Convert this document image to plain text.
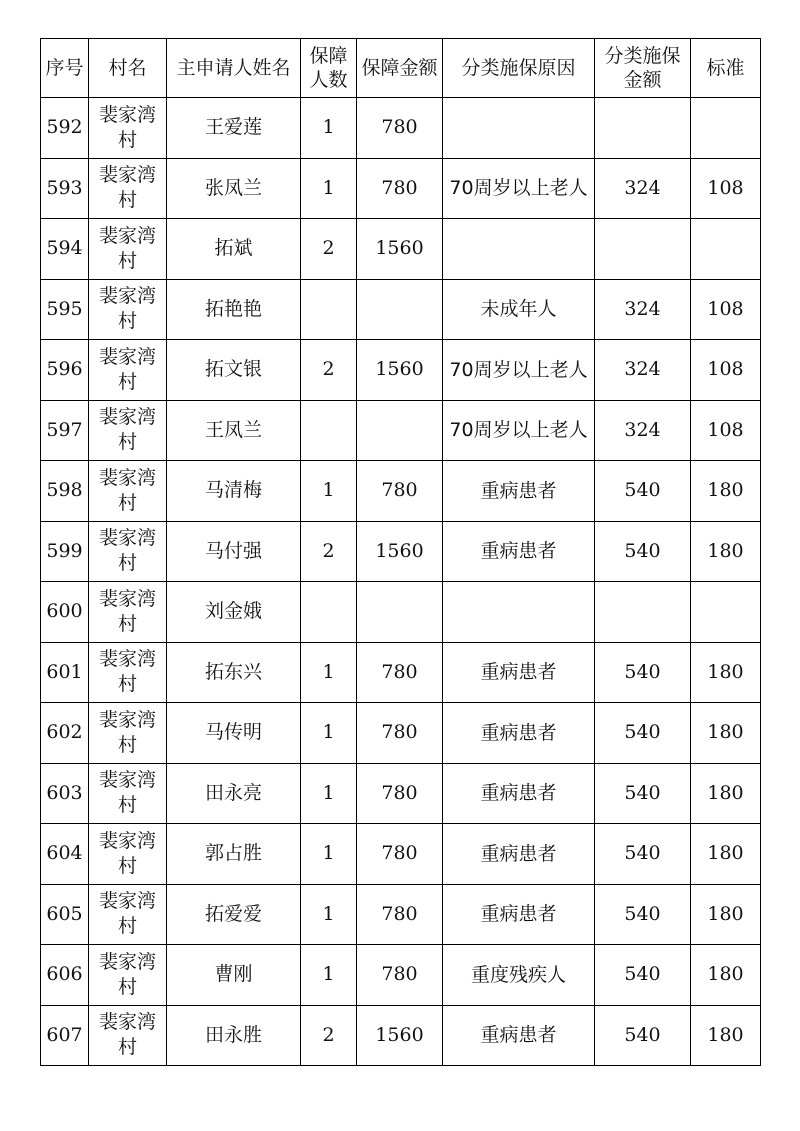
序号	村名	主申请人姓名	保障人数	保障金额	分类施保原因	分类施保金额	标准
592	裴家湾村	王爱莲	1	780			
593	裴家湾村	张凤兰	1	780	70周岁以上老人	324	108
594	裴家湾村	拓斌	2	1560			
595	裴家湾村	拓艳艳			未成年人	324	108
596	裴家湾村	拓文银	2	1560	70周岁以上老人	324	108
597	裴家湾村	王凤兰			70周岁以上老人	324	108
598	裴家湾村	马清梅	1	780	重病患者	540	180
599	裴家湾村	马付强	2	1560	重病患者	540	180
600	裴家湾村	刘金娥					
601	裴家湾村	拓东兴	1	780	重病患者	540	180
602	裴家湾村	马传明	1	780	重病患者	540	180
603	裴家湾村	田永亮	1	780	重病患者	540	180
604	裴家湾村	郭占胜	1	780	重病患者	540	180
605	裴家湾村	拓爱爱	1	780	重病患者	540	180
606	裴家湾村	曹刚	1	780	重度残疾人	540	180
607	裴家湾村	田永胜	2	1560	重病患者	540	180
